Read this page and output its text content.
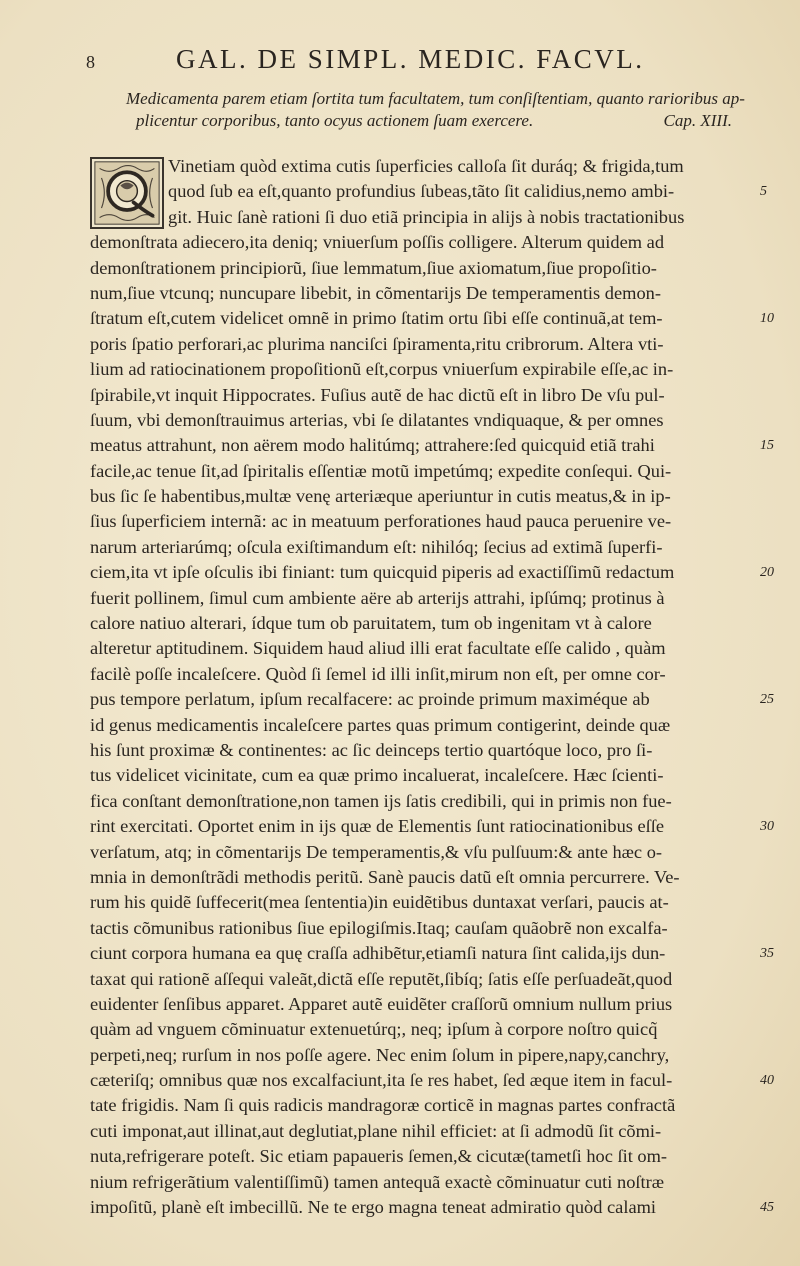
8	GAL. DE SIMPL. MEDIC. FACVL.
Medicamenta parem etiam ſortita tum facultatem, tum conſiſtentiam, quanto rarioribus ap-
plicentur corporibus, tanto ocyus actionem ſuam exercere.	Cap. XIII.
Vinetiam quòd extima cutis ſuperficies calloſa ſit duráq; & frigida,tum
quod ſub ea eſt,quanto profundius ſubeas,tãto ſit calidius,nemo ambi-
git. Huic ſanè rationi ſi duo etiã principia in alijs à nobis tractationibus
demonſtrata adiecero,ita deniq; vniuerſum poſſis colligere. Alterum quidem ad
demonſtrationem principiorũ, ſiue lemmatum,ſiue axiomatum,ſiue propoſitio-
num,ſiue vtcunq; nuncupare libebit, in cõmentarijs De temperamentis demon-
ſtratum eſt,cutem videlicet omnẽ in primo ſtatim ortu ſibi eſſe continuã,at tem-
poris ſpatio perforari,ac plurima nanciſci ſpiramenta,ritu cribrorum. Altera vti-
lium ad ratiocinationem propoſitionũ eſt,corpus vniuerſum expirabile eſſe,ac in-
ſpirabile,vt inquit Hippocrates. Fuſius autẽ de hac dictũ eſt in libro De vſu pul-
ſuum, vbi demonſtrauimus arterias, vbi ſe dilatantes vndiquaque, & per omnes
meatus attrahunt, non aërem modo halitúmq; attrahere:ſed quicquid etiã trahi
facile,ac tenue ſit,ad ſpiritalis eſſentiæ motũ impetúmq; expedite conſequi. Qui-
bus ſic ſe habentibus,multæ venę arteriæque aperiuntur in cutis meatus,& in ip-
ſius ſuperficiem internã: ac in meatuum perforationes haud pauca peruenire ve-
narum arteriarúmq; oſcula exiſtimandum eſt: nihilóq; ſecius ad extimã ſuperfi-
ciem,ita vt ipſe oſculis ibi finiant: tum quicquid piperis ad exactiſſimũ redactum
fuerit pollinem, ſimul cum ambiente aëre ab arterijs attrahi, ipſúmq; protinus à
calore natiuo alterari, ídque tum ob paruitatem, tum ob ingenitam vt à calore
alteretur aptitudinem. Siquidem haud aliud illi erat facultate eſſe calido , quàm
facilè poſſe incaleſcere. Quòd ſi ſemel id illi inſit,mirum non eſt, per omne cor-
pus tempore perlatum, ipſum recalfacere: ac proinde primum maximéque ab
id genus medicamentis incaleſcere partes quas primum contigerint, deinde quæ
his ſunt proximæ & continentes: ac ſic deinceps tertio quartóque loco, pro ſi-
tus videlicet vicinitate, cum ea quæ primo incaluerat, incaleſcere. Hæc ſcienti-
fica conſtant demonſtratione,non tamen ijs ſatis credibili, qui in primis non fue-
rint exercitati. Oportet enim in ijs quæ de Elementis ſunt ratiocinationibus eſſe
verſatum, atq; in cõmentarijs De temperamentis,& vſu pulſuum:& ante hæc o-
mnia in demonſtrãdi methodis peritũ. Sanè paucis datũ eſt omnia percurrere. Ve-
rum his quidẽ ſuffecerit(mea ſententia)in euidẽtibus duntaxat verſari, paucis at-
tactis cõmunibus rationibus ſiue epilogiſmis.Itaq; cauſam quãobrẽ non excalfa-
ciunt corpora humana ea quę craſſa adhibẽtur,etiamſi natura ſint calida,ijs dun-
taxat qui rationẽ aſſequi valeãt,dictã eſſe reputẽt,ſibíq; ſatis eſſe perſuadeãt,quod
euidenter ſenſibus apparet. Apparet autẽ euidẽter craſſorũ omnium nullum prius
quàm ad vnguem cõminuatur extenuetúrq;, neq; ipſum à corpore noſtro quicq̃
perpeti,neq; rurſum in nos poſſe agere. Nec enim ſolum in pipere,napy,canchry,
cæteriſq; omnibus quæ nos excalfaciunt,ita ſe res habet, ſed æque item in facul-
tate frigidis. Nam ſi quis radicis mandragoræ corticẽ in magnas partes confractã
cuti imponat,aut illinat,aut deglutiat,plane nihil efficiet: at ſi admodũ ſit cõmi-
nuta,refrigerare poteſt. Sic etiam papaueris ſemen,& cicutæ(tametſi hoc ſit om-
nium refrigerãtium valentiſſimũ) tamen antequã exactè cõminuatur cuti noſtræ
impoſitũ, planè eſt imbecillũ. Ne te ergo magna teneat admiratio quòd calami
5
10
15
20
25
30
35
40
45
